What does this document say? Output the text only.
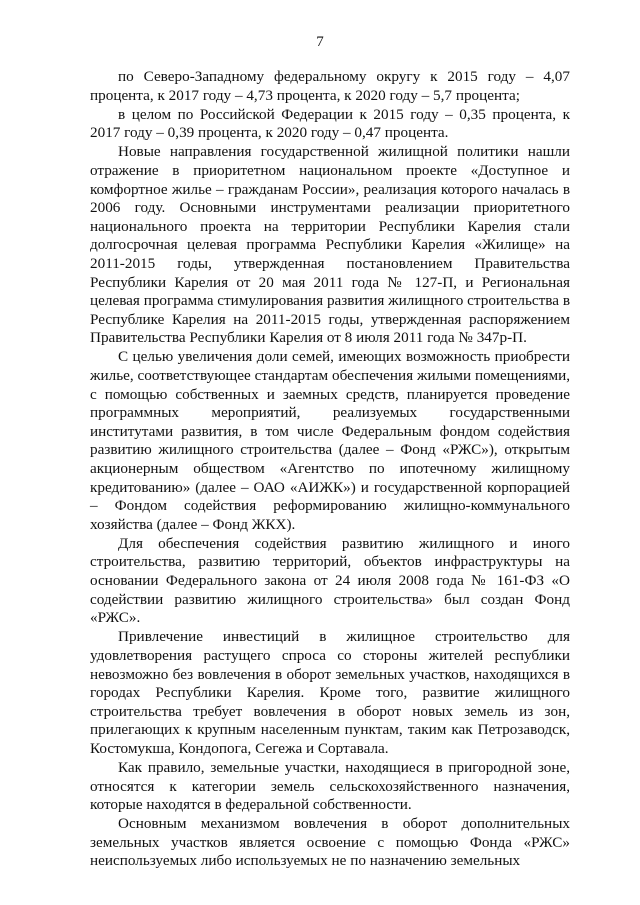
7

по Северо-Западному федеральному округу к 2015 году – 4,07 процента, к 2017 году – 4,73 процента, к 2020 году – 5,7 процента;

в целом по Российской Федерации к 2015 году – 0,35 процента, к 2017 году – 0,39 процента, к 2020 году – 0,47 процента.

Новые направления государственной жилищной политики нашли отражение в приоритетном национальном проекте «Доступное и комфортное жилье – гражданам России», реализация которого началась в 2006 году. Основными инструментами реализации приоритетного национального проекта на территории Республики Карелия стали долгосрочная целевая программа Республики Карелия «Жилище» на 2011-2015 годы, утвержденная постановлением Правительства Республики Карелия от 20 мая 2011 года № 127-П, и Региональная целевая программа стимулирования развития жилищного строительства в Республике Карелия на 2011-2015 годы, утвержденная распоряжением Правительства Республики Карелия от 8 июля 2011 года № 347р-П.

С целью увеличения доли семей, имеющих возможность приобрести жилье, соответствующее стандартам обеспечения жилыми помещениями, с помощью собственных и заемных средств, планируется проведение программных мероприятий, реализуемых государственными институтами развития, в том числе Федеральным фондом содействия развитию жилищного строительства (далее – Фонд «РЖС»), открытым акционерным обществом «Агентство по ипотечному жилищному кредитованию» (далее – ОАО «АИЖК») и государственной корпорацией – Фондом содействия реформированию жилищно-коммунального хозяйства (далее – Фонд ЖКХ).

Для обеспечения содействия развитию жилищного и иного строительства, развитию территорий, объектов инфраструктуры на основании Федерального закона от 24 июля 2008 года № 161-ФЗ «О содействии развитию жилищного строительства» был создан Фонд «РЖС».

Привлечение инвестиций в жилищное строительство для удовлетворения растущего спроса со стороны жителей республики невозможно без вовлечения в оборот земельных участков, находящихся в городах Республики Карелия. Кроме того, развитие жилищного строительства требует вовлечения в оборот новых земель из зон, прилегающих к крупным населенным пунктам, таким как Петрозаводск, Костомукша, Кондопога, Сегежа и Сортавала.

Как правило, земельные участки, находящиеся в пригородной зоне, относятся к категории земель сельскохозяйственного назначения, которые находятся в федеральной собственности.

Основным механизмом вовлечения в оборот дополнительных земельных участков является освоение с помощью Фонда «РЖС» неиспользуемых либо используемых не по назначению земельных
